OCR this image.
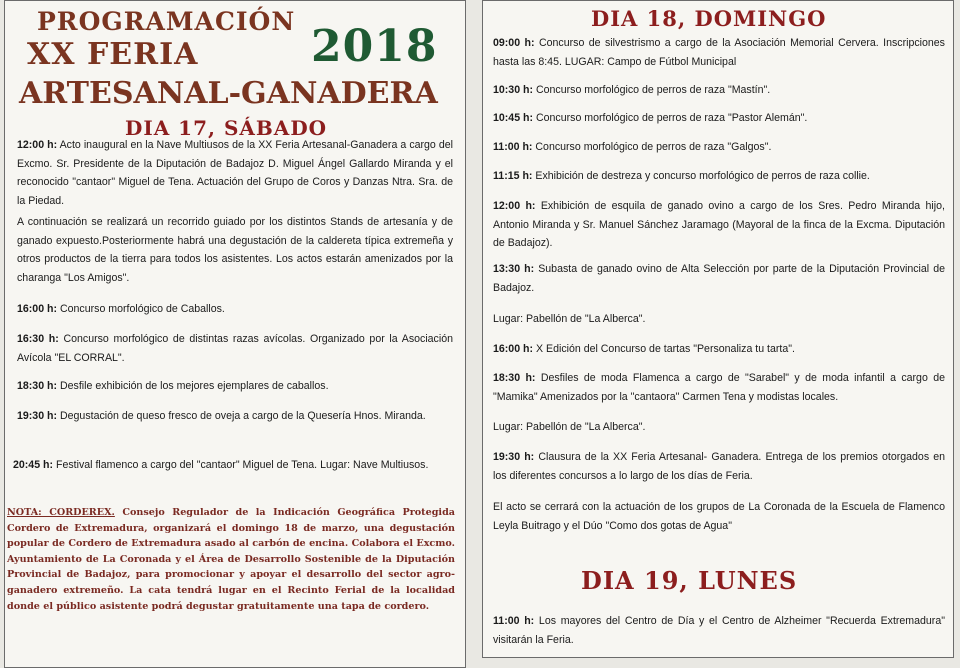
PROGRAMACIÓN
XX FERIA	2018
ARTESANAL-GANADERA
DIA 17, SÁBADO
12:00 h: Acto inaugural en la Nave Multiusos de la XX Feria Artesanal-Ganadera a cargo del Excmo. Sr. Presidente de la Diputación de Badajoz D. Miguel Ángel Gallardo Miranda y el reconocido "cantaor" Miguel de Tena. Actuación del Grupo de Coros y Danzas Ntra. Sra. de la Piedad.
A continuación se realizará un recorrido guiado por los distintos Stands de artesanía y de ganado expuesto.Posteriormente habrá una degustación de la caldereta típica extremeña y otros productos de la tierra para todos los asistentes. Los actos estarán amenizados por la charanga "Los Amigos".
16:00 h: Concurso morfológico de Caballos.
16:30 h: Concurso morfológico de distintas razas avícolas. Organizado por la Asociación Avícola "EL CORRAL".
18:30 h: Desfile exhibición de los mejores ejemplares de caballos.
19:30 h: Degustación de queso fresco de oveja a cargo de la Quesería Hnos. Miranda.
20:45 h: Festival flamenco a cargo del "cantaor" Miguel de Tena. Lugar: Nave Multiusos.
NOTA: CORDEREX. Consejo Regulador de la Indicación Geográfica Protegida Cordero de Extremadura, organizará el domingo 18 de marzo, una degustación popular de Cordero de Extremadura asado al carbón de encina. Colabora el Excmo. Ayuntamiento de La Coronada y el Área de Desarrollo Sostenible de la Diputación Provincial de Badajoz, para promocionar y apoyar el desarrollo del sector agro-ganadero extremeño. La cata tendrá lugar en el Recinto Ferial de la localidad donde el público asistente podrá degustar gratuitamente una tapa de cordero.
DIA 18, DOMINGO
09:00 h: Concurso de silvestrismo a cargo de la Asociación Memorial Cervera. Inscripciones hasta las 8:45. LUGAR: Campo de Fútbol Municipal
10:30 h: Concurso morfológico de perros de raza "Mastín".
10:45 h: Concurso morfológico de perros de raza "Pastor Alemán".
11:00 h: Concurso morfológico de perros de raza "Galgos".
11:15 h: Exhibición de destreza y concurso morfológico de perros de raza collie.
12:00 h: Exhibición de esquila de ganado ovino a cargo de los Sres. Pedro Miranda hijo, Antonio Miranda y Sr. Manuel Sánchez Jaramago (Mayoral de la finca de la Excma. Diputación de Badajoz).
13:30 h: Subasta de ganado ovino de Alta Selección por parte de la Diputación Provincial de Badajoz.
Lugar: Pabellón de "La Alberca".
16:00 h: X Edición del Concurso de tartas "Personaliza tu tarta".
18:30 h: Desfiles de moda Flamenca a cargo de "Sarabel" y de moda infantil a cargo de "Mamika" Amenizados por la "cantaora" Carmen Tena y modistas locales.
Lugar: Pabellón de "La Alberca".
19:30 h: Clausura de la XX Feria Artesanal- Ganadera. Entrega de los premios otorgados en los diferentes concursos a lo largo de los días de Feria.
El acto se cerrará con la actuación de los grupos de La Coronada de la Escuela de Flamenco Leyla Buitrago y el Dúo "Como dos gotas de Agua"
DIA 19, LUNES
11:00 h: Los mayores del Centro de Día y el Centro de Alzheimer "Recuerda Extremadura" visitarán la Feria.
